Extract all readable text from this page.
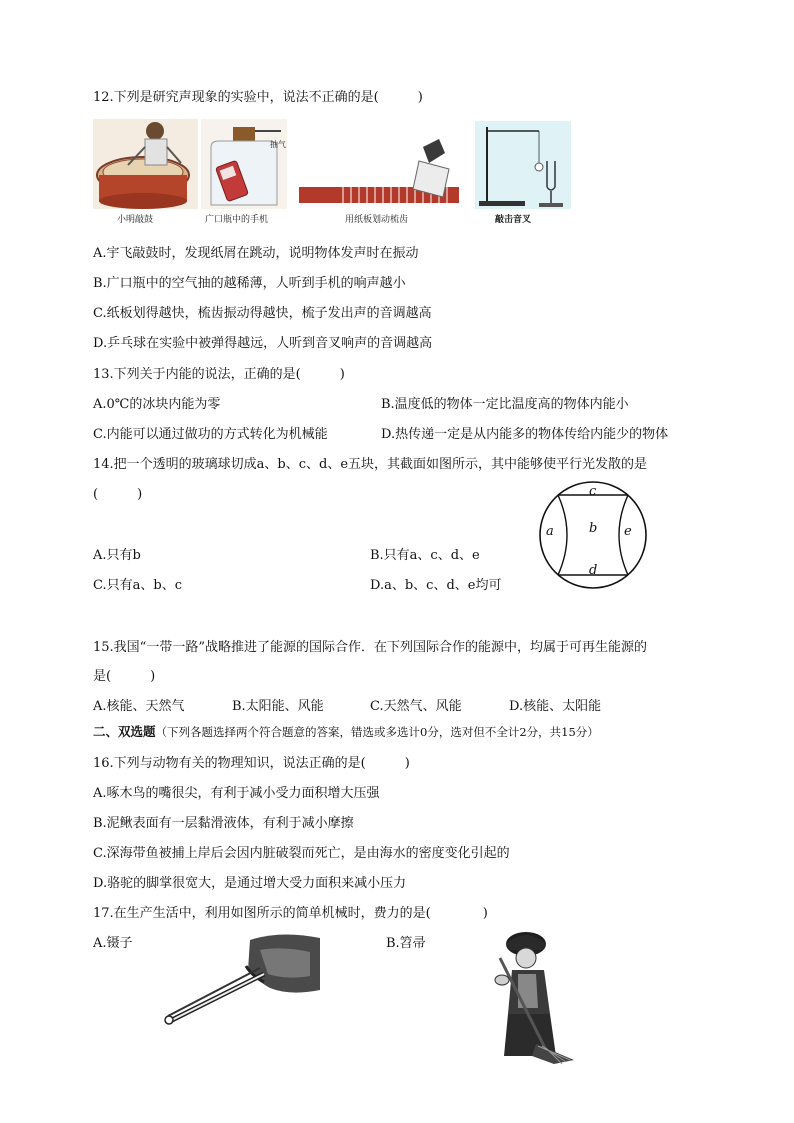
12.下列是研究声现象的实验中，说法不正确的是(　　　)
抽气
小明敲鼓	广口瓶中的手机	用纸板划动梳齿	敲击音叉
A.宇飞敲鼓时，发现纸屑在跳动，说明物体发声时在振动
B.广口瓶中的空气抽的越稀薄，人听到手机的响声越小
C.纸板划得越快，梳齿振动得越快，梳子发出声的音调越高
D.乒乓球在实验中被弹得越远，人听到音叉响声的音调越高
13.下列关于内能的说法，正确的是(　　　)
A.0℃的冰块内能为零	B.温度低的物体一定比温度高的物体内能小
C.内能可以通过做功的方式转化为机械能	D.热传递一定是从内能多的物体传给内能少的物体
14.把一个透明的玻璃球切成a、b、c、d、e五块，其截面如图所示，其中能够使平行光发散的是
(　　　)
a	b
c
d
e
A.只有b	B.只有a、c、d、e
C.只有a、b、c	D.a、b、c、d、e均可
15.我国“一带一路”战略推进了能源的国际合作．在下列国际合作的能源中，均属于可再生能源的
是(　　　)
A.核能、天然气	B.太阳能、风能	C.天然气、风能	D.核能、太阳能
二、双选题（下列各题选择两个符合题意的答案，错选或多选计0分，选对但不全计2分，共15分）
16.下列与动物有关的物理知识，说法正确的是(　　　)
A.啄木鸟的嘴很尖，有利于减小受力面积增大压强
B.泥鳅表面有一层黏滑液体，有利于减小摩擦
C.深海带鱼被捕上岸后会因内脏破裂而死亡，是由海水的密度变化引起的
D.骆驼的脚掌很宽大，是通过增大受力面积来减小压力
17.在生产生活中，利用如图所示的简单机械时，费力的是(　　　　)
A.镊子	B.笤帚
